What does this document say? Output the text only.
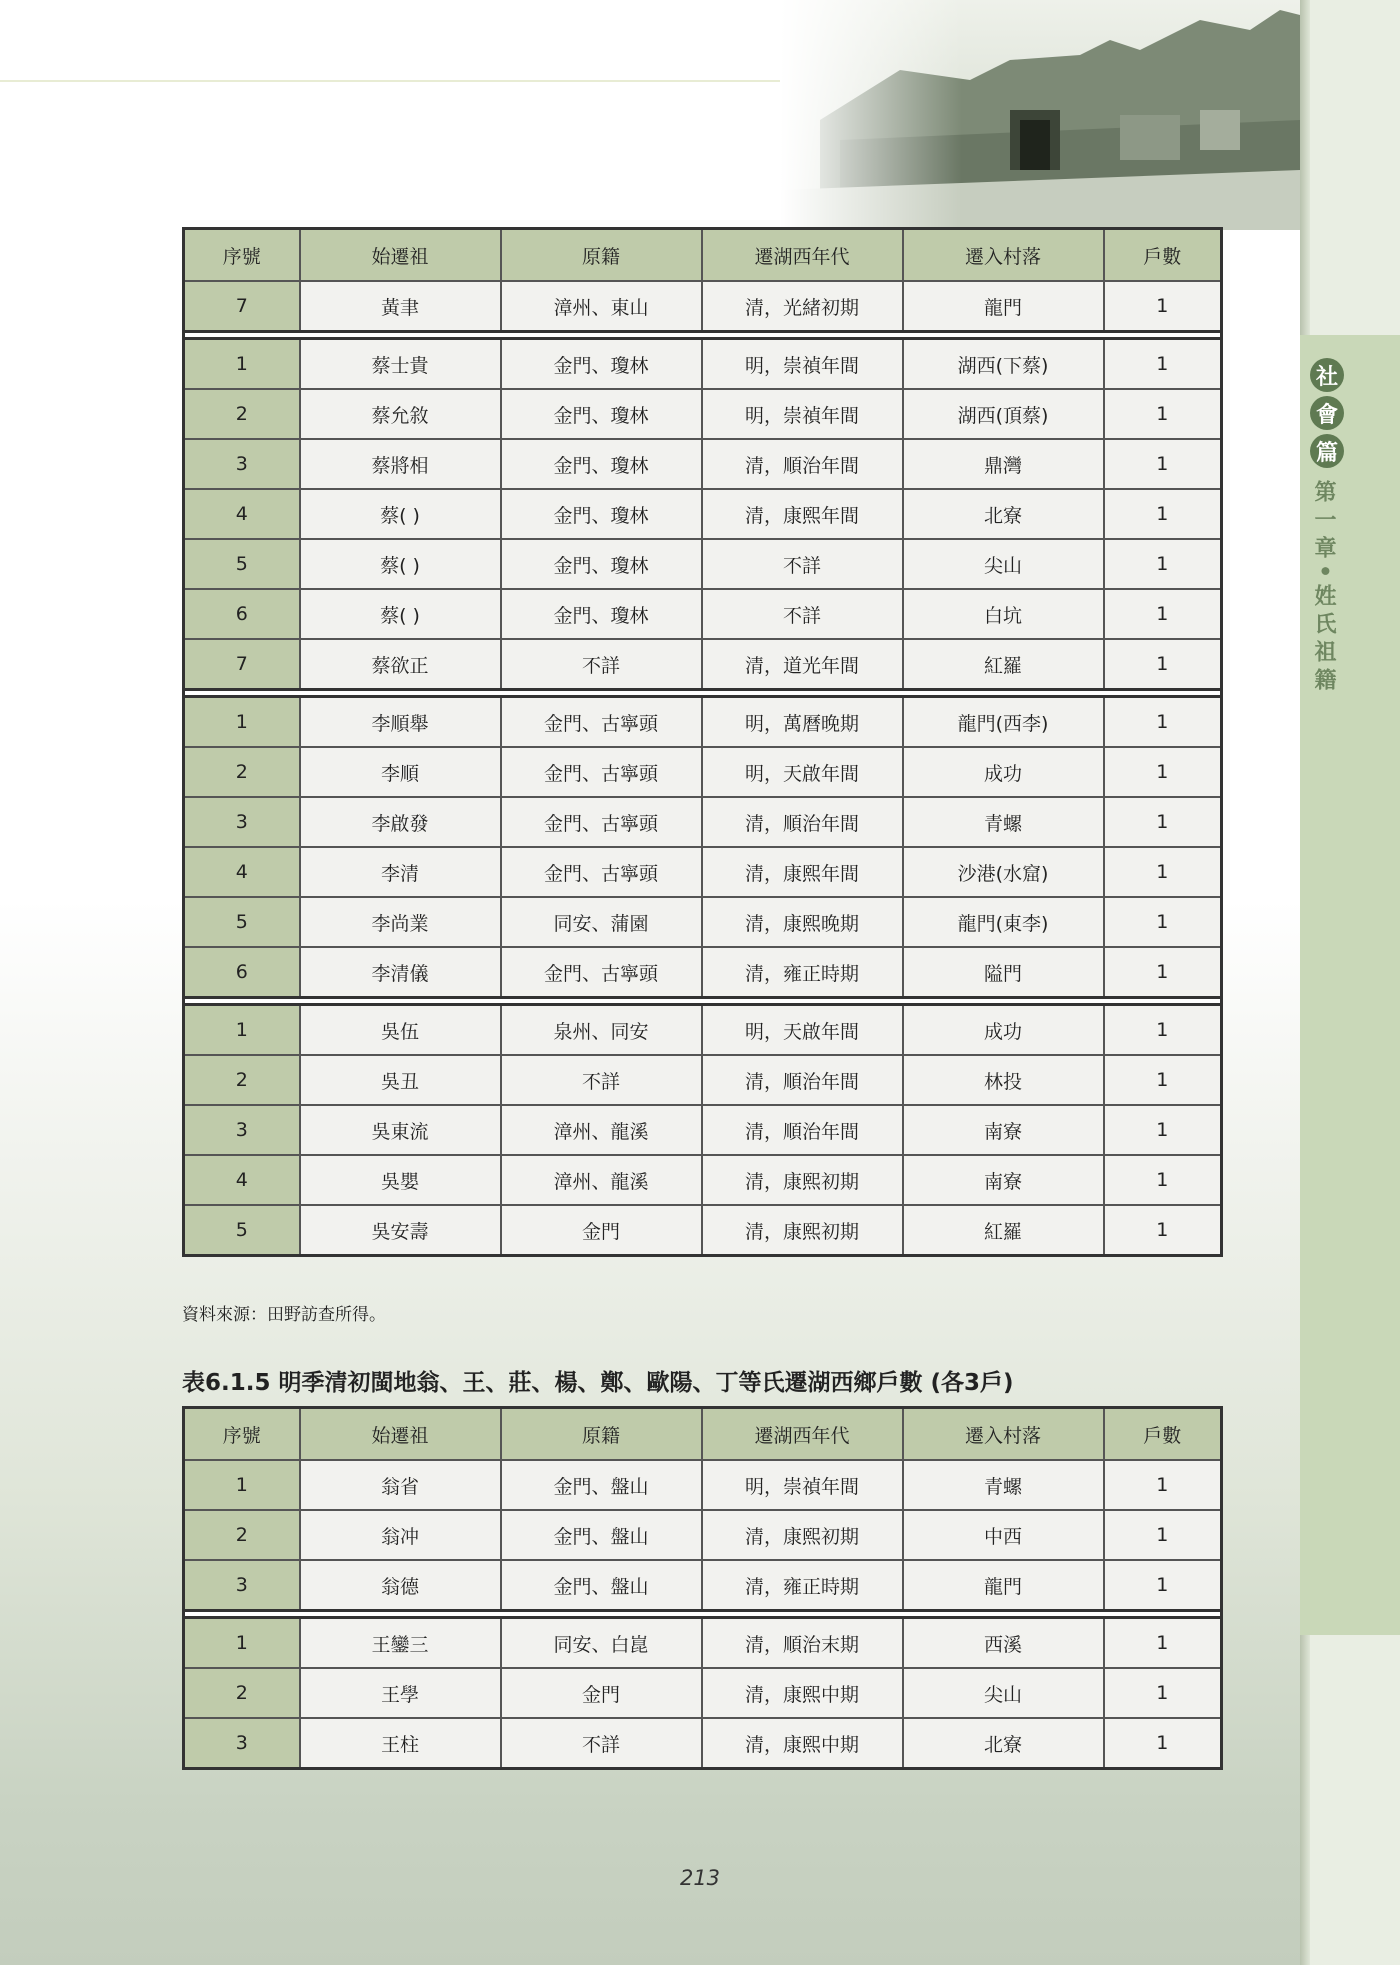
社
會
篇
第一章•姓氏祖籍
序號	始遷祖	原籍	遷湖西年代	遷入村落	戶數
7	黃聿	漳州、東山	清，光緒初期	龍門	1

1	蔡士貴	金門、瓊林	明，崇禎年間	湖西(下蔡)	1
2	蔡允敘	金門、瓊林	明，崇禎年間	湖西(頂蔡)	1
3	蔡將相	金門、瓊林	清，順治年間	鼎灣	1
4	蔡( )	金門、瓊林	清，康熙年間	北寮	1
5	蔡( )	金門、瓊林	不詳	尖山	1
6	蔡( )	金門、瓊林	不詳	白坑	1
7	蔡欲正	不詳	清，道光年間	紅羅	1

1	李順舉	金門、古寧頭	明，萬曆晚期	龍門(西李)	1
2	李順	金門、古寧頭	明，天啟年間	成功	1
3	李啟發	金門、古寧頭	清，順治年間	青螺	1
4	李清	金門、古寧頭	清，康熙年間	沙港(水窟)	1
5	李尚業	同安、蒲園	清，康熙晚期	龍門(東李)	1
6	李清儀	金門、古寧頭	清，雍正時期	隘門	1

1	吳伍	泉州、同安	明，天啟年間	成功	1
2	吳丑	不詳	清，順治年間	林投	1
3	吳東流	漳州、龍溪	清，順治年間	南寮	1
4	吳嬰	漳州、龍溪	清，康熙初期	南寮	1
5	吳安壽	金門	清，康熙初期	紅羅	1
資料來源：田野訪查所得。
表6.1.5 明季清初閩地翁、王、莊、楊、鄭、歐陽、丁等氏遷湖西鄉戶數 (各3戶)
序號	始遷祖	原籍	遷湖西年代	遷入村落	戶數
1	翁省	金門、盤山	明，崇禎年間	青螺	1
2	翁冲	金門、盤山	清，康熙初期	中西	1
3	翁德	金門、盤山	清，雍正時期	龍門	1

1	王鑾三	同安、白崑	清，順治末期	西溪	1
2	王學	金門	清，康熙中期	尖山	1
3	王柱	不詳	清，康熙中期	北寮	1
213
